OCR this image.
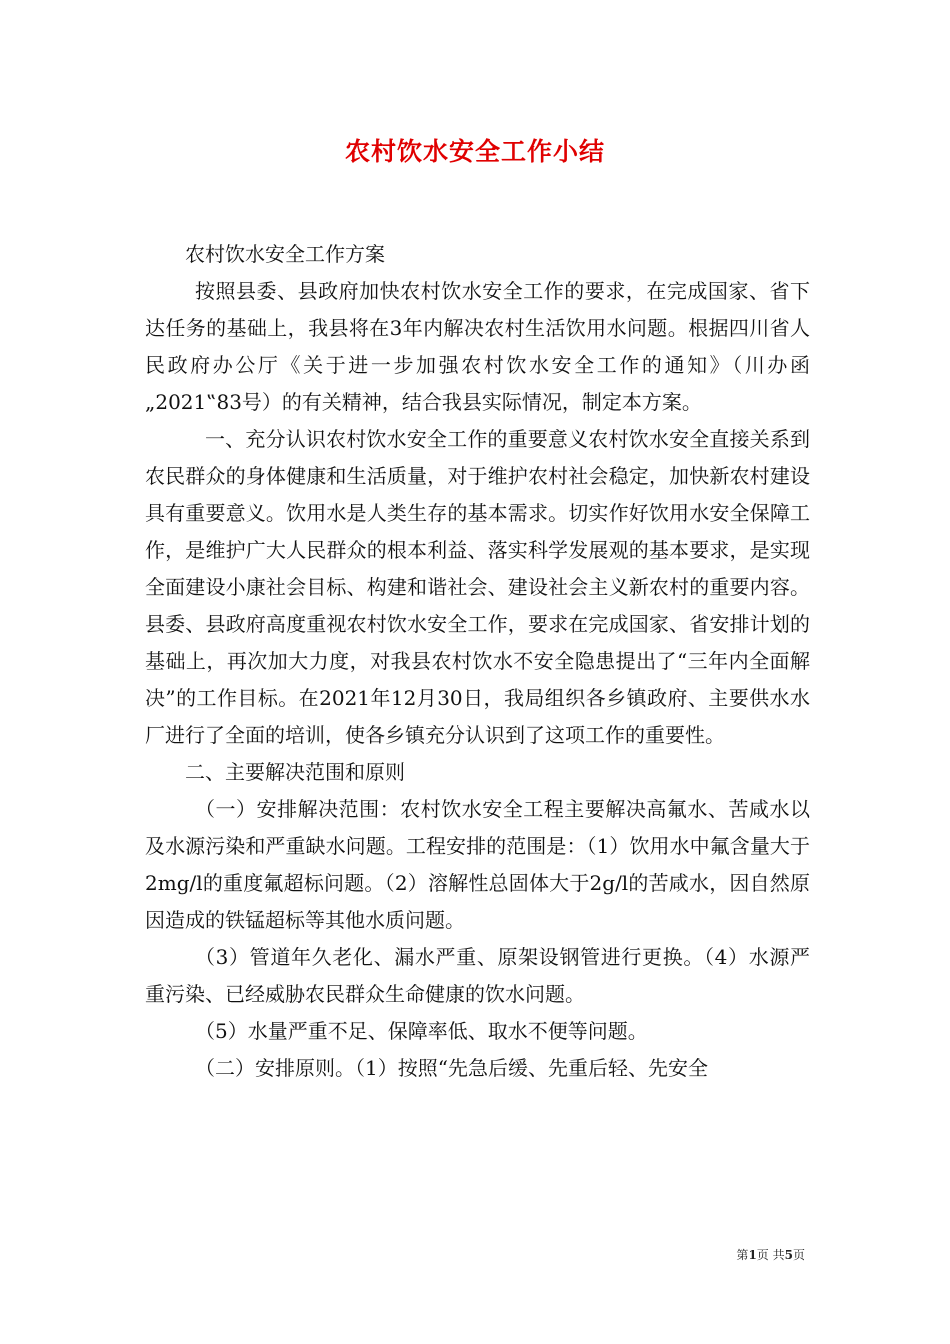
农村饮水安全工作小结

农村饮水安全工作方案

按照县委、县政府加快农村饮水安全工作的要求，在完成国家、省下达任务的基础上，我县将在3年内解决农村生活饮用水问题。根据四川省人民政府办公厅《关于进一步加强农村饮水安全工作的通知》（川办函„2021‟83号）的有关精神，结合我县实际情况，制定本方案。

一、充分认识农村饮水安全工作的重要意义农村饮水安全直接关系到农民群众的身体健康和生活质量，对于维护农村社会稳定，加快新农村建设具有重要意义。饮用水是人类生存的基本需求。切实作好饮用水安全保障工作，是维护广大人民群众的根本利益、落实科学发展观的基本要求，是实现全面建设小康社会目标、构建和谐社会、建设社会主义新农村的重要内容。县委、县政府高度重视农村饮水安全工作，要求在完成国家、省安排计划的基础上，再次加大力度，对我县农村饮水不安全隐患提出了“三年内全面解决”的工作目标。在2021年12月30日，我局组织各乡镇政府、主要供水水厂进行了全面的培训，使各乡镇充分认识到了这项工作的重要性。

二、主要解决范围和原则

（一）安排解决范围：农村饮水安全工程主要解决高氟水、苦咸水以及水源污染和严重缺水问题。工程安排的范围是：（1）饮用水中氟含量大于2mg/l的重度氟超标问题。（2）溶解性总固体大于2g/l的苦咸水，因自然原因造成的铁锰超标等其他水质问题。

（3）管道年久老化、漏水严重、原架设钢管进行更换。（4）水源严重污染、已经威胁农民群众生命健康的饮水问题。

（5）水量严重不足、保障率低、取水不便等问题。

（二）安排原则。（1）按照“先急后缓、先重后轻、先安全

第1页 共5页
